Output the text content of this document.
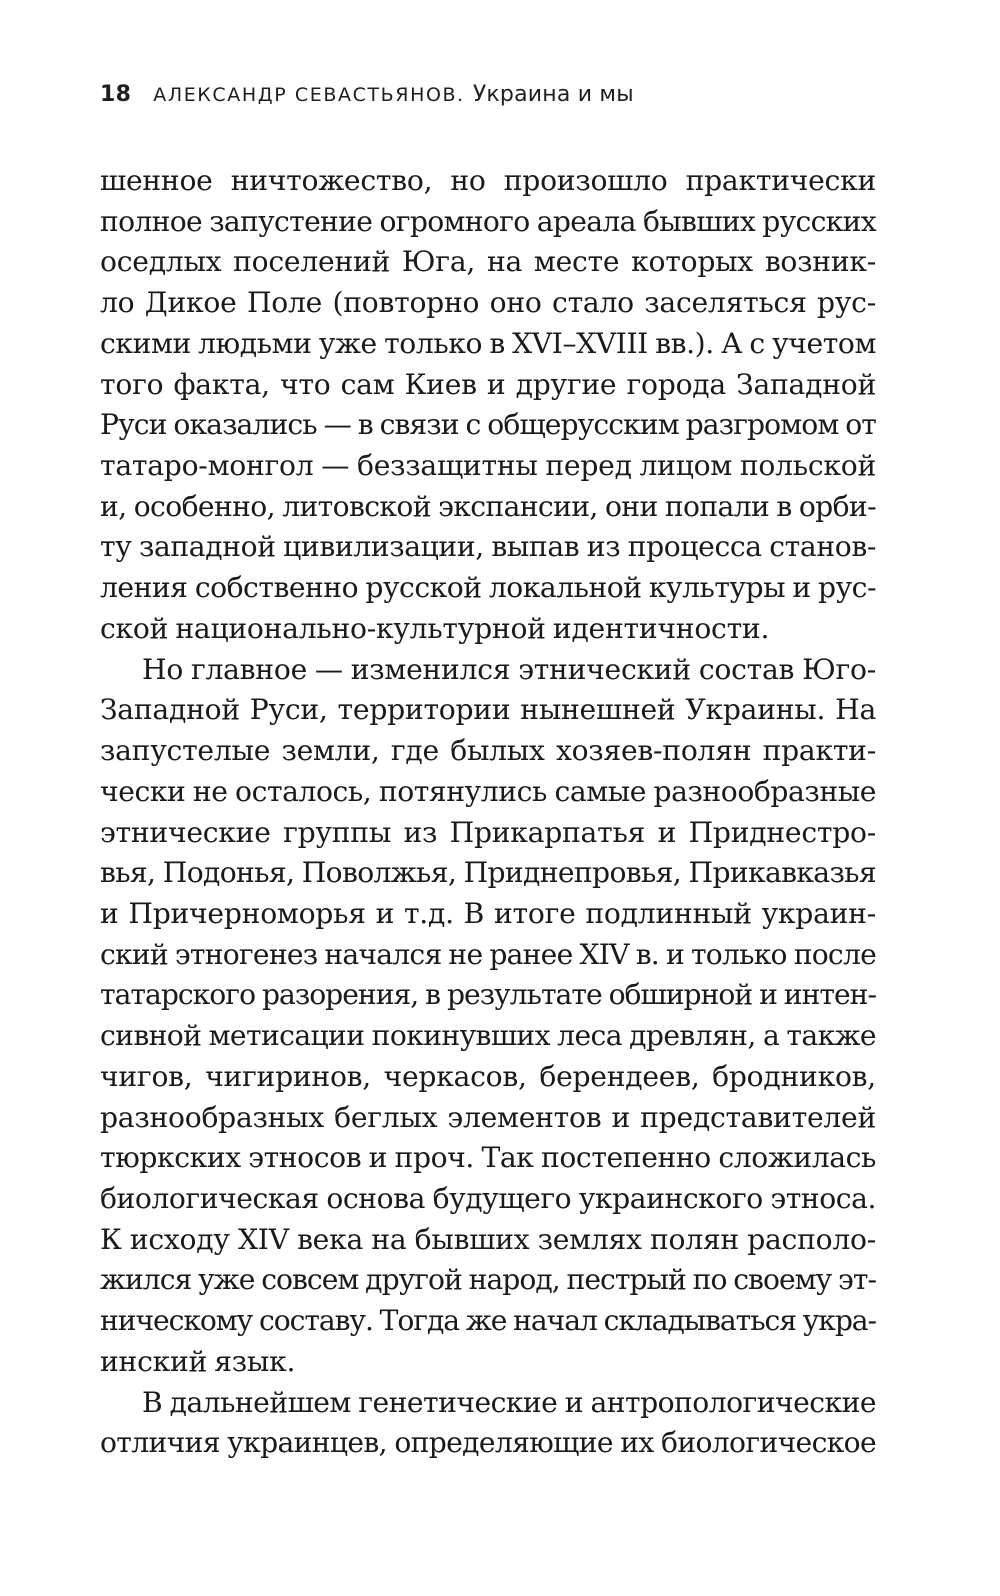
18 АЛЕКСАНДР СЕВАСТЬЯНОВ. Украина и мы
шенное ничтожество, но произошло практически
полное запустение огромного ареала бывших русских
оседлых поселений Юга, на месте которых возник-
ло Дикое Поле (повторно оно стало заселяться рус-
скими людьми уже только в XVI–XVIII вв.). А с учетом
того факта, что сам Киев и другие города Западной
Руси оказались — в связи с общерусским разгромом от
татаро-монгол — беззащитны перед лицом польской
и, особенно, литовской экспансии, они попали в орби-
ту западной цивилизации, выпав из процесса станов-
ления собственно русской локальной культуры и рус-
ской национально-культурной идентичности.
Но главное — изменился этнический состав Юго-
Западной Руси, территории нынешней Украины. На
запустелые земли, где былых хозяев-полян практи-
чески не осталось, потянулись самые разнообразные
этнические группы из Прикарпатья и Приднестро-
вья, Подонья, Поволжья, Приднепровья, Прикавказья
и Причерноморья и т.д. В итоге подлинный украин-
ский этногенез начался не ранее XIV в. и только после
татарского разорения, в результате обширной и интен-
сивной метисации покинувших леса древлян, а также
чигов, чигиринов, черкасов, берендеев, бродников,
разнообразных беглых элементов и представителей
тюркских этносов и проч. Так постепенно сложилась
биологическая основа будущего украинского этноса.
К исходу XIV века на бывших землях полян располо-
жился уже совсем другой народ, пестрый по своему эт-
ническому составу. Тогда же начал складываться укра-
инский язык.
В дальнейшем генетические и антропологические
отличия украинцев, определяющие их биологическое
